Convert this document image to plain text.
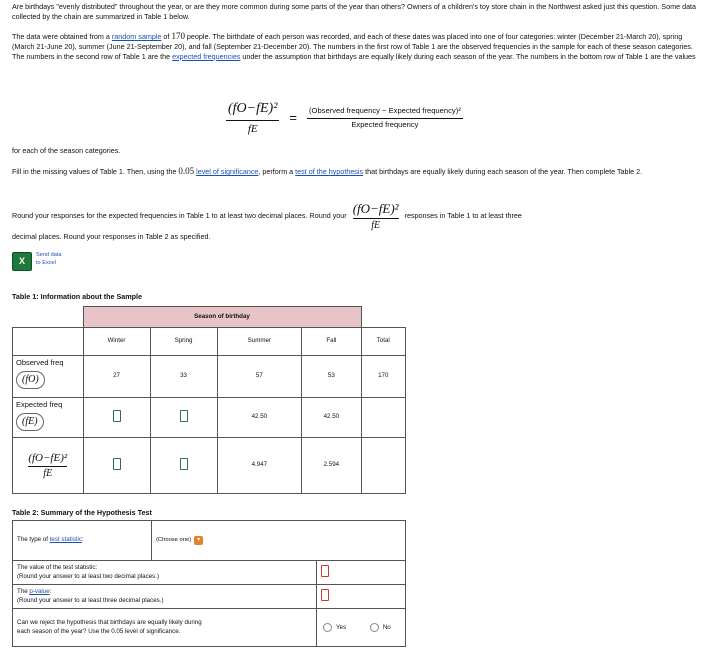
Are birthdays "evenly distributed" throughout the year, or are they more common during some parts of the year than others? Owners of a children's toy store chain in the Northwest asked just this question. Some data collected by the chain are summarized in Table 1 below.
The data were obtained from a random sample of 170 people. The birthdate of each person was recorded, and each of these dates was placed into one of four categories: winter (December 21-March 20), spring (March 21-June 20), summer (June 21-September 20), and fall (September 21-December 20). The numbers in the first row of Table 1 are the observed frequencies in the sample for each of these season categories. The numbers in the second row of Table 1 are the expected frequencies under the assumption that birthdays are equally likely during each season of the year. The numbers in the bottom row of Table 1 are the values
$\frac{\text{(fO−fE)²}}{fE} = \frac{\text{(Observed frequency − Expected frequency)²}}{\text{Expected frequency}}$
for each of the season categories.
Fill in the missing values of Table 1. Then, using the 0.05 level of significance, perform a test of the hypothesis that birthdays are equally likely during each season of the year. Then complete Table 2.
Round your responses for the expected frequencies in Table 1 to at least two decimal places. Round your $\frac{\text{(fO−fE)²}}{fE}$ responses in Table 1 to at least three
decimal places. Round your responses in Table 2 as specified.
X
Send data
to Excel
Table 1: Information about the Sample
	Season of birthday				
	Winter	Spring	Summer	Fall	Total

Observed freq
(fO)	27	33	57	53	170

Expected freq
(fE)			42.50	42.50	

$\frac{\text{(fO−fE)²}}{fE}$			4.947	2.594	
Table 2: Summary of the Hypothesis Test
The type of test statistic:	(Choose one) ▾	

The value of the test statistic:
(Round your answer to at least two decimal places.)		

The p-value:
(Round your answer to at least three decimal places.)		

Can we reject the hypothesis that birthdays are equally likely during
each season of the year? Use the 0.05 level of significance.		Yes No
